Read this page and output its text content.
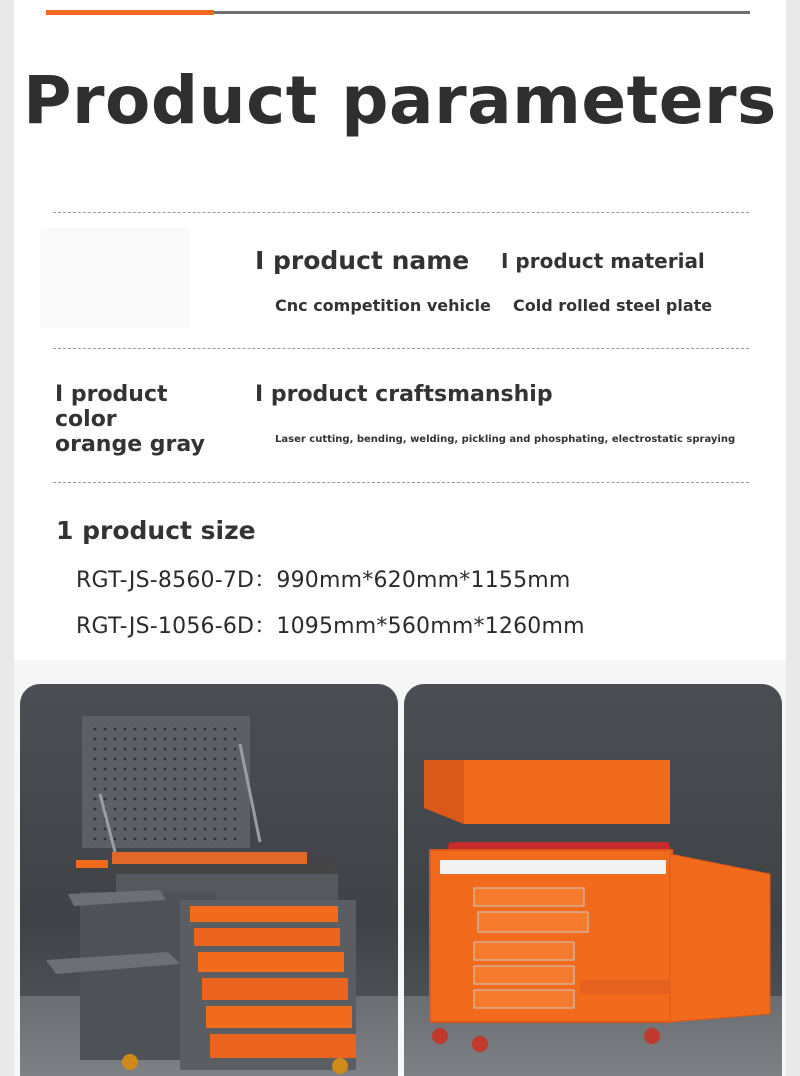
Product parameters
I product name I product material
Cnc competition vehicle Cold rolled steel plate
I product
color
orange gray
I product craftsmanship
Laser cutting, bending, welding, pickling and phosphating, electrostatic spraying
1 product size
RGT-JS-8560-7D：990mm*620mm*1155mm
RGT-JS-1056-6D：1095mm*560mm*1260mm
